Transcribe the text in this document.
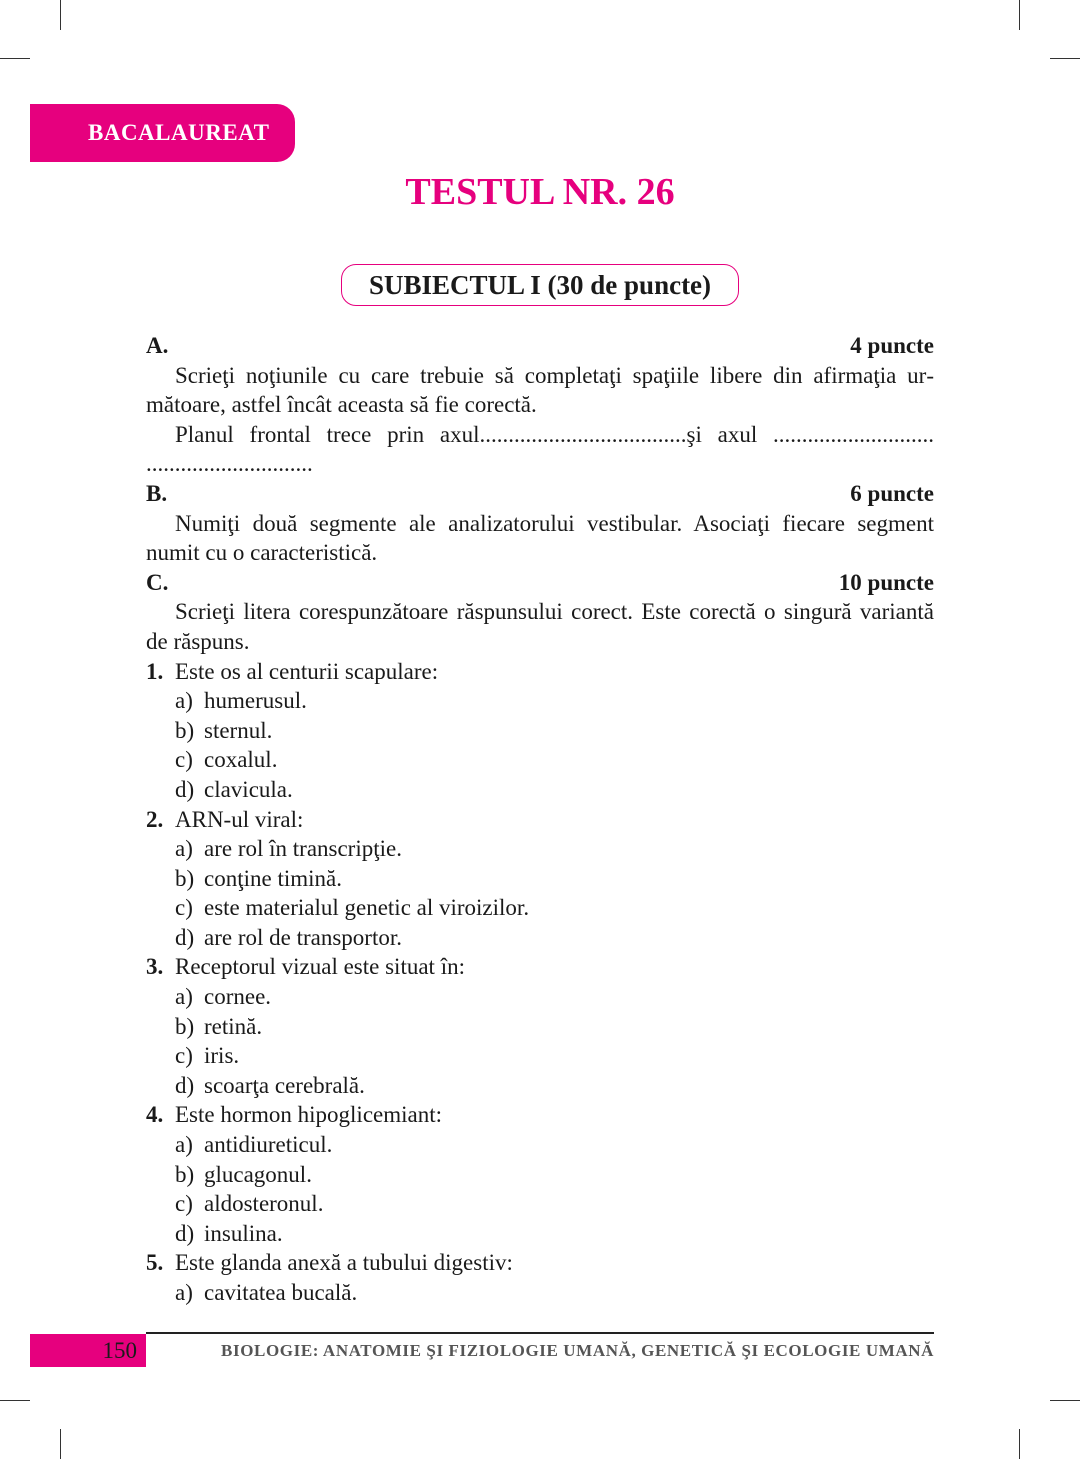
BACALAUREAT
TESTUL NR. 26
SUBIECTUL I (30 de puncte)
A.	4 puncte
Scrieţi noţiunile cu care trebuie să completaţi spaţiile libere din afirmaţia următoare, astfel încât aceasta să fie corectă.
Planul frontal trece prin axul....................................şi axul ............................
.............................
B.	6 puncte
Numiţi două segmente ale analizatorului vestibular. Asociaţi fiecare segment numit cu o caracteristică.
C.	10 puncte
Scrieţi litera corespunzătoare răspunsului corect. Este corectă o singură variantă de răspuns.
1. Este os al centurii scapulare:
a) humerusul.
b) sternul.
c) coxalul.
d) clavicula.
2. ARN-ul viral:
a) are rol în transcripţie.
b) conţine timină.
c) este materialul genetic al viroizilor.
d) are rol de transportor.
3. Receptorul vizual este situat în:
a) cornee.
b) retină.
c) iris.
d) scoarţa cerebrală.
4. Este hormon hipoglicemiant:
a) antidiureticul.
b) glucagonul.
c) aldosteronul.
d) insulina.
5. Este glanda anexă a tubului digestiv:
a) cavitatea bucală.
150	BIOLOGIE: ANATOMIE ŞI FIZIOLOGIE UMANĂ, GENETICĂ ŞI ECOLOGIE UMANĂ
